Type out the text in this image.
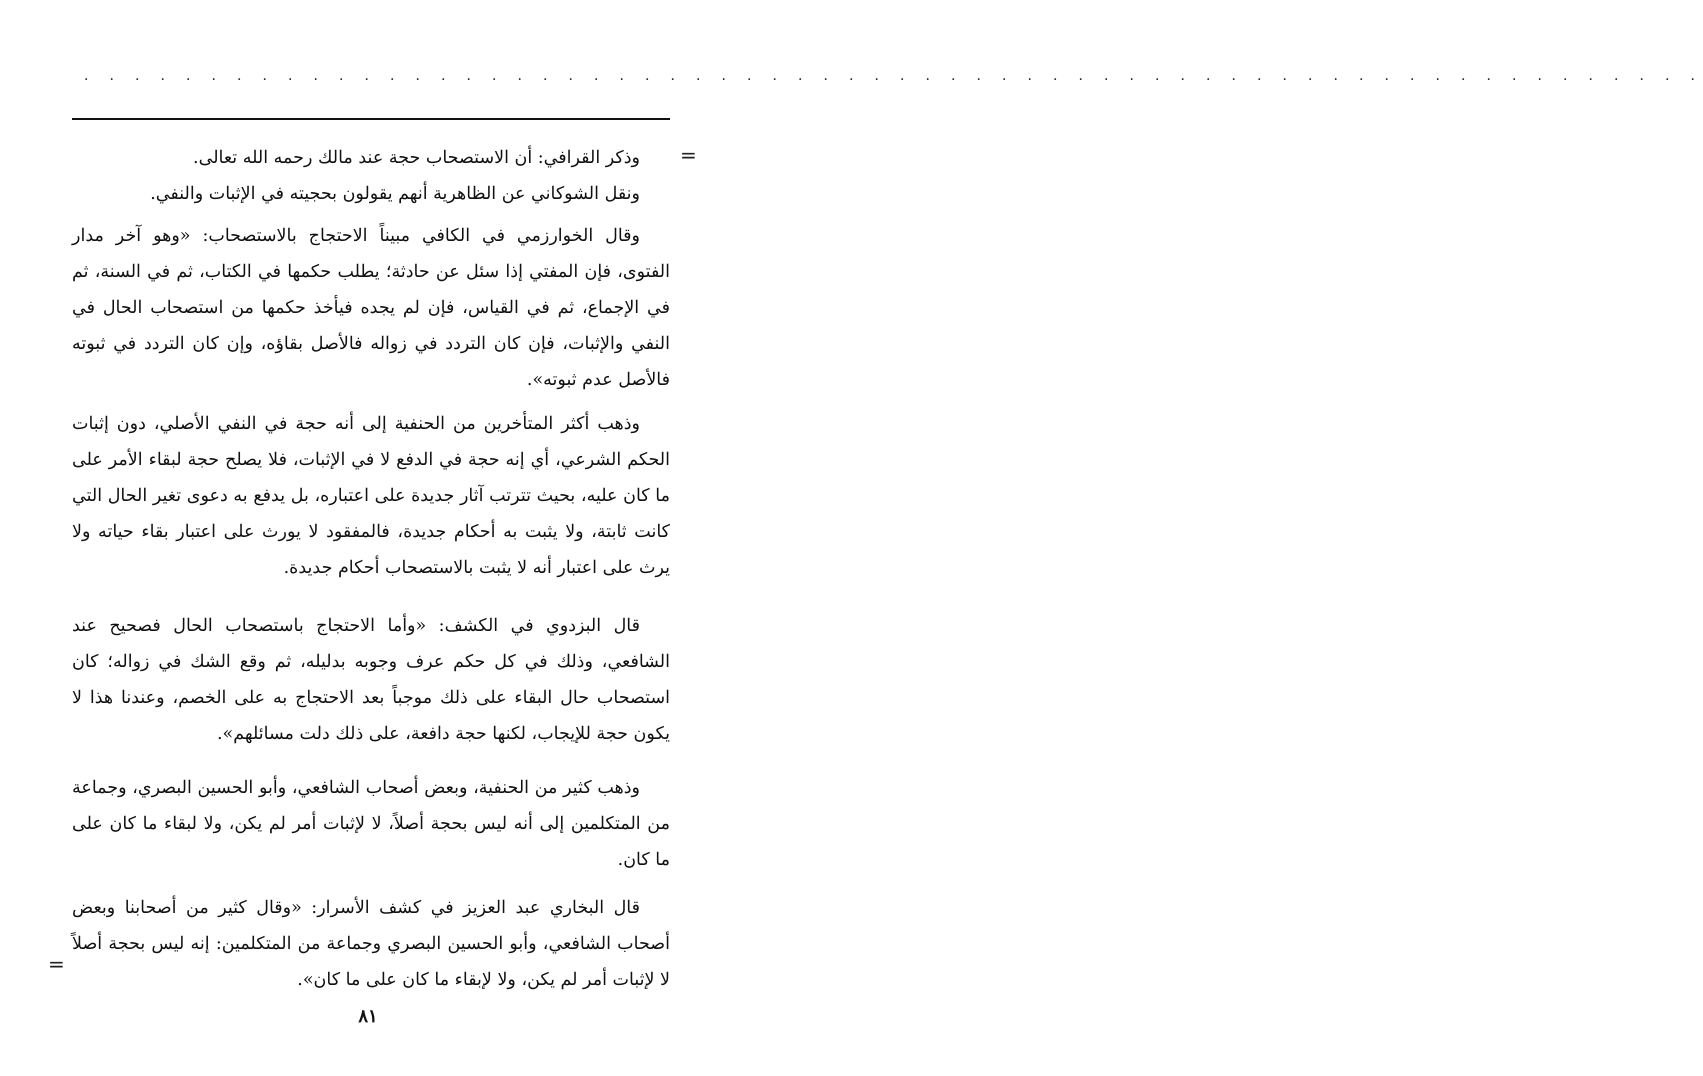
· · · · · · · · · · · · · · · · · · · · · · · · · · · · · · · · · · · · · · · · · · · · · · · · · · · · · · · · · · · · · · · ·
=

وذكر القرافي: أن الاستصحاب حجة عند مالك رحمه الله تعالى.

ونقل الشوكاني عن الظاهرية أنهم يقولون بحجيته في الإثبات والنفي.

وقال الخوارزمي في الكافي مبيناً الاحتجاج بالاستصحاب: «وهو آخر مدار الفتوى، فإن المفتي إذا سئل عن حادثة؛ يطلب حكمها في الكتاب، ثم في السنة، ثم في الإجماع، ثم في القياس، فإن لم يجده فيأخذ حكمها من استصحاب الحال في النفي والإثبات، فإن كان التردد في زواله فالأصل بقاؤه، وإن كان التردد في ثبوته فالأصل عدم ثبوته».

وذهب أكثر المتأخرين من الحنفية إلى أنه حجة في النفي الأصلي، دون إثبات الحكم الشرعي، أي إنه حجة في الدفع لا في الإثبات، فلا يصلح حجة لبقاء الأمر على ما كان عليه، بحيث تترتب آثار جديدة على اعتباره، بل يدفع به دعوى تغير الحال التي كانت ثابتة، ولا يثبت به أحكام جديدة، فالمفقود لا يورث على اعتبار بقاء حياته ولا يرث على اعتبار أنه لا يثبت بالاستصحاب أحكام جديدة.

قال البزدوي في الكشف: «وأما الاحتجاج باستصحاب الحال فصحيح عند الشافعي، وذلك في كل حكم عرف وجوبه بدليله، ثم وقع الشك في زواله؛ كان استصحاب حال البقاء على ذلك موجباً بعد الاحتجاج به على الخصم، وعندنا هذا لا يكون حجة للإيجاب، لكنها حجة دافعة، على ذلك دلت مسائلهم».

وذهب كثير من الحنفية، وبعض أصحاب الشافعي، وأبو الحسين البصري، وجماعة من المتكلمين إلى أنه ليس بحجة أصلاً، لا لإثبات أمر لم يكن، ولا لبقاء ما كان على ما كان.

قال البخاري عبد العزيز في كشف الأسرار: «وقال كثير من أصحابنا وبعض أصحاب الشافعي، وأبو الحسين البصري وجماعة من المتكلمين: إنه ليس بحجة أصلاً لا لإثبات أمر لم يكن، ولا لإبقاء ما كان على ما كان».

=
٨١
